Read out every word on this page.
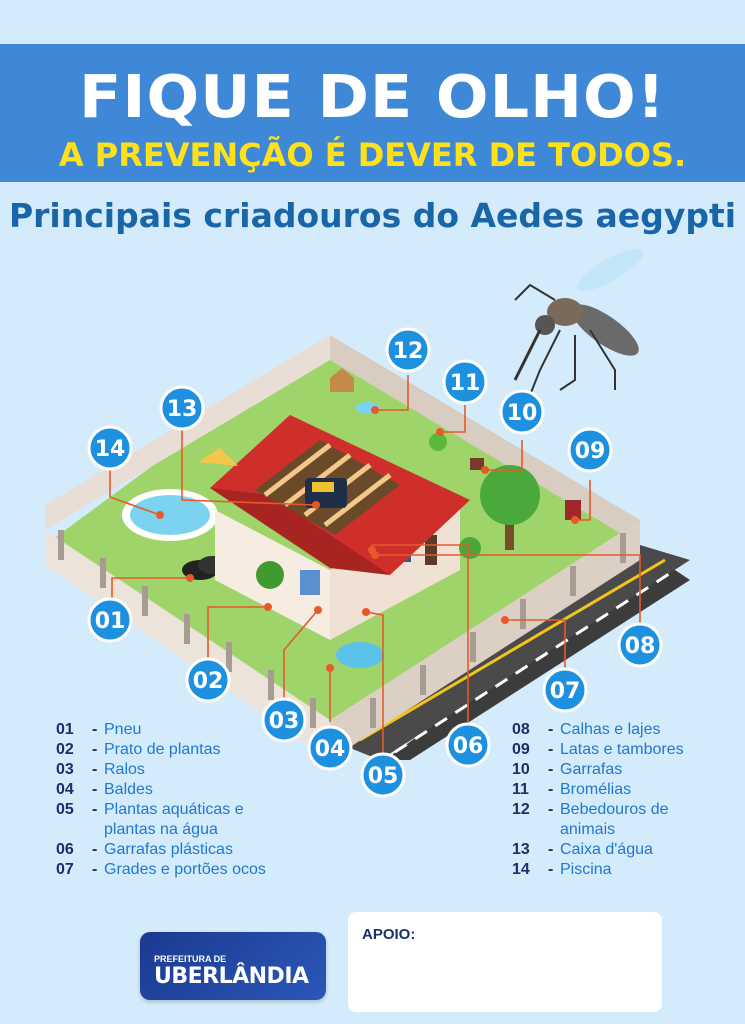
FIQUE DE OLHO!
A PREVENÇÃO É DEVER DE TODOS.
Principais criadouros do Aedes aegypti
01
02
03
04
05
06
07
08
09
10
11
12
13
14
01	- Pneu
02	- Prato de plantas
03	- Ralos
04	- Baldes
05	- Plantas aquáticas e
plantas na água
06	- Garrafas plásticas
07	- Grades e portões ocos
08	- Calhas e lajes
09	- Latas e tambores
10	- Garrafas
11	- Bromélias
12	- Bebedouros de
animais
13	- Caixa d'água
14	- Piscina
PREFEITURA DE
UBERLÂNDIA
APOIO:
